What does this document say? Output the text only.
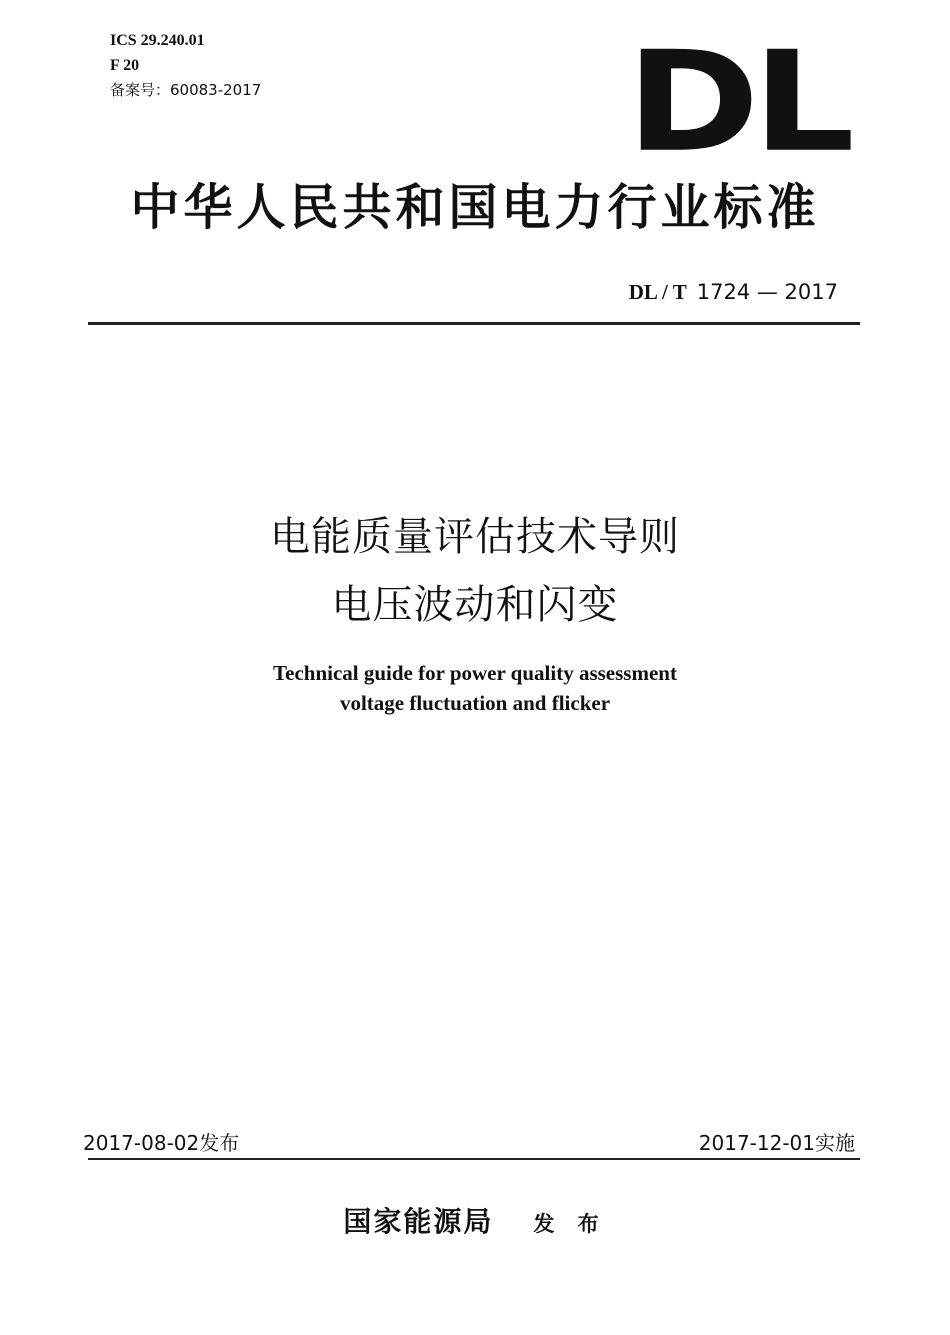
ICS 29.240.01
F 20
备案号：60083-2017	DL
中华人民共和国电力行业标准
DL / T 1724 — 2017
电能质量评估技术导则
电压波动和闪变
Technical guide for power quality assessment
voltage fluctuation and flicker
2017-08-02发布	2017-12-01实施
国家能源局 发 布
